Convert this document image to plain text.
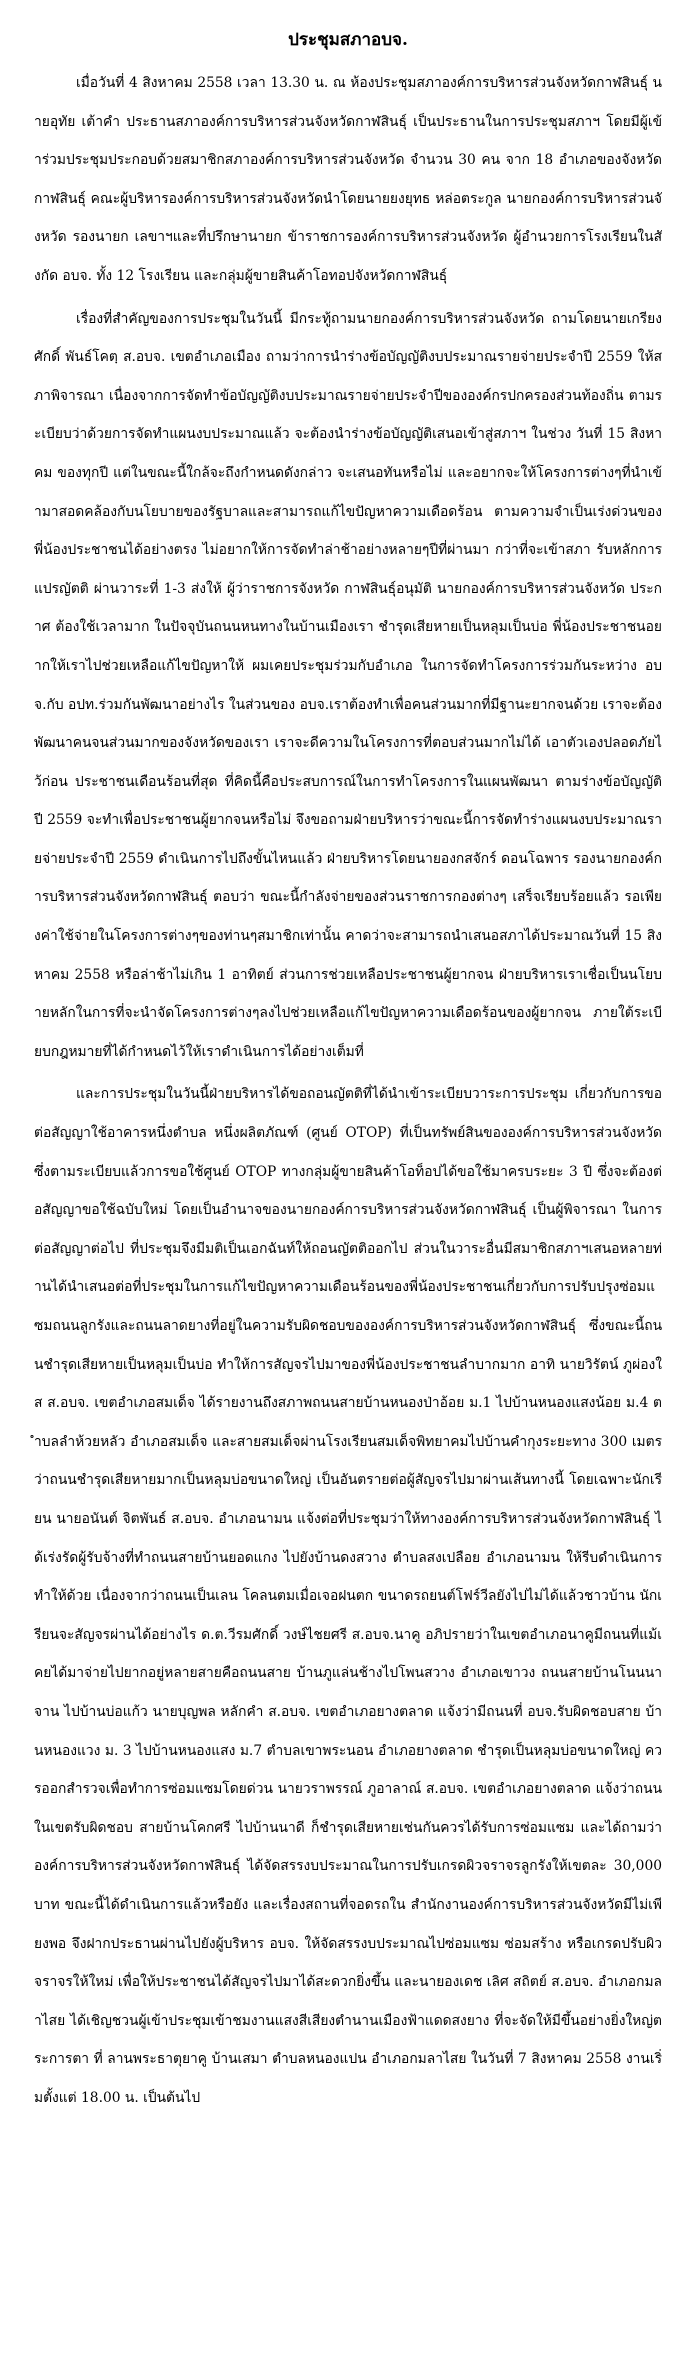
ประชุมสภาอบจ.

เมื่อวันที่ 4 สิงหาคม 2558 เวลา 13.30 น. ณ ห้องประชุมสภาองค์การบริหารส่วนจังหวัดกาฬสินธุ์ นายอุทัย เต้าคำ ประธานสภาองค์การบริหารส่วนจังหวัดกาฬสินธุ์ เป็นประธานในการประชุมสภาฯ โดยมีผู้เข้าร่วมประชุมประกอบด้วยสมาชิกสภาองค์การบริหารส่วนจังหวัด จำนวน 30 คน จาก 18 อำเภอของจังหวัดกาฬสินธุ์ คณะผู้บริหารองค์การบริหารส่วนจังหวัดนำโดยนายยงยุทธ หล่อตระกูล นายกองค์การบริหารส่วนจังหวัด รองนายก เลขาฯและที่ปรึกษานายก ข้าราชการองค์การบริหารส่วนจังหวัด ผู้อำนวยการโรงเรียนในสังกัด อบจ. ทั้ง 12 โรงเรียน และกลุ่มผู้ขายสินค้าโอทอปจังหวัดกาฬสินธุ์

เรื่องที่สำคัญของการประชุมในวันนี้ มีกระทู้ถามนายกองค์การบริหารส่วนจังหวัด ถามโดยนายเกรียงศักดิ์ พันธ์โคตฺ ส.อบจ. เขตอำเภอเมือง ถามว่าการนำร่างข้อบัญญัติงบประมาณรายจ่ายประจำปี 2559 ให้สภาพิจารณา เนื่องจากการจัดทำข้อบัญญัติงบประมาณรายจ่ายประจำปีขององค์กรปกครองส่วนท้องถิ่น ตามระเบียบว่าด้วยการจัดทำแผนงบประมาณแล้ว จะต้องนำร่างข้อบัญญัติเสนอเข้าสู่สภาฯ ในช่วง วันที่ 15 สิงหาคม ของทุกปี แต่ในขณะนี้ใกล้จะถึงกำหนดดังกล่าว จะเสนอทันหรือไม่ และอยากจะให้โครงการต่างๆที่นำเข้ามาสอดคล้องกับนโยบายของรัฐบาลและสามารถแก้ไขปัญหาความเดือดร้อน ตามความจำเป็นเร่งด่วนของพี่น้องประชาชนได้อย่างตรง ไม่อยากให้การจัดทำล่าช้าอย่างหลายๆปีที่ผ่านมา กว่าที่จะเข้าสภา รับหลักการ แปรญัตติ ผ่านวาระที่ 1-3 ส่งให้ ผู้ว่าราชการจังหวัด กาฬสินธุ์อนุมัติ นายกองค์การบริหารส่วนจังหวัด ประกาศ ต้องใช้เวลามาก ในปัจจุบันถนนหนทางในบ้านเมืองเรา ชำรุดเสียหายเป็นหลุมเป็นบ่อ พี่น้องประชาชนอยากให้เราไปช่วยเหลือแก้ไขปัญหาให้ ผมเคยประชุมร่วมกับอำเภอ ในการจัดทำโครงการร่วมกันระหว่าง อบจ.กับ อปท.ร่วมกันพัฒนาอย่างไร ในส่วนของ อบจ.เราต้องทำเพื่อคนส่วนมากที่มีฐานะยากจนด้วย เราจะต้องพัฒนาคนจนส่วนมากของจังหวัดของเรา เราจะดีความในโครงการที่ตอบส่วนมากไม่ได้ เอาตัวเองปลอดภัยไว้ก่อน ประชาชนเดือนร้อนที่สุด ที่คิดนี้คือประสบการณ์ในการทำโครงการในแผนพัฒนา ตามร่างข้อบัญญัติปี 2559 จะทำเพื่อประชาชนผู้ยากจนหรือไม่ จึงขอถามฝ่ายบริหารว่าขณะนี้การจัดทำร่างแผนงบประมาณรายจ่ายประจำปี 2559 ดำเนินการไปถึงขั้นไหนแล้ว ฝ่ายบริหารโดยนายองกสจักร์ ดอนโฉพาร รองนายกองค์การบริหารส่วนจังหวัดกาฬสินธุ์ ตอบว่า ขณะนี้กำลังจ่ายของส่วนราชการกองต่างๆ เสร็จเรียบร้อยแล้ว รอเพียงค่าใช้จ่ายในโครงการต่างๆของท่านๆสมาชิกเท่านั้น คาดว่าจะสามารถนำเสนอสภาได้ประมาณวันที่ 15 สิงหาคม 2558 หรือล่าช้าไม่เกิน 1 อาทิตย์ ส่วนการช่วยเหลือประชาชนผู้ยากจน ฝ่ายบริหารเราเชื่อเป็นนโยบายหลักในการที่จะนำจัดโครงการต่างๆลงไปช่วยเหลือแก้ไขปัญหาความเดือดร้อนของผู้ยากจน ภายใต้ระเบียบกฎหมายที่ได้กำหนดไว้ให้เราดำเนินการได้อย่างเต็มที่

และการประชุมในวันนี้ฝ่ายบริหารได้ขอถอนญัตติที่ได้นำเข้าระเบียบวาระการประชุม เกี่ยวกับการขอต่อสัญญาใช้อาคารหนึ่งตำบล หนึ่งผลิตภัณฑ์ (ศูนย์ OTOP) ที่เป็นทรัพย์สินขององค์การบริหารส่วนจังหวัด ซึ่งตามระเบียบแล้วการขอใช้ศูนย์ OTOP ทางกลุ่มผู้ขายสินค้าโอท็อปได้ขอใช้มาครบระยะ 3 ปี ซึ่งจะต้องต่อสัญญาขอใช้ฉบับใหม่ โดยเป็นอำนาจของนายกองค์การบริหารส่วนจังหวัดกาฬสินธุ์ เป็นผู้พิจารณา ในการต่อสัญญาต่อไป ที่ประชุมจึงมีมติเป็นเอกฉันท์ให้ถอนญัตติออกไป ส่วนในวาระอื่นมีสมาชิกสภาฯเสนอหลายท่านได้นำเสนอต่อที่ประชุมในการแก้ไขปัญหาความเดือนร้อนของพี่น้องประชาชนเกี่ยวกับการปรับปรุงซ่อมแซมถนนลูกรังและถนนลาดยางที่อยู่ในความรับผิดชอบขององค์การบริหารส่วนจังหวัดกาฬสินธุ์ ซึ่งขณะนี้ถนนชำรุดเสียหายเป็นหลุมเป็นบ่อ ทำให้การสัญจรไปมาของพี่น้องประชาชนลำบากมาก อาทิ นายวิรัตน์ ภูผ่องใส ส.อบจ. เขตอำเภอสมเด็จ ได้รายงานถึงสภาพถนนสายบ้านหนองป่าอ้อย ม.1 ไปบ้านหนองแสงน้อย ม.4 ตำบลลำห้วยหลัว อำเภอสมเด็จ และสายสมเด็จผ่านโรงเรียนสมเด็จพิทยาคมไปบ้านคำกุงระยะทาง 300 เมตร ว่าถนนชำรุดเสียหายมากเป็นหลุมบ่อขนาดใหญ่ เป็นอันตรายต่อผู้สัญจรไปมาผ่านเส้นทางนี้ โดยเฉพาะนักเรียน นายอนันต์ จิตพันธ์ ส.อบจ. อำเภอนามน แจ้งต่อที่ประชุมว่าให้ทางองค์การบริหารส่วนจังหวัดกาฬสินธุ์ ได้เร่งรัดผู้รับจ้างที่ทำถนนสายบ้านยอดแกง ไปยังบ้านดงสวาง ตำบลสงเปลือย อำเภอนามน ให้รีบดำเนินการทำให้ด้วย เนื่องจากว่าถนนเป็นเลน โคลนตมเมื่อเจอฝนตก ขนาดรถยนต์โฟร์วีลยังไปไม่ได้แล้วชาวบ้าน นักเรียนจะสัญจรผ่านได้อย่างไร ด.ต.วีรมศักดิ์ วงษ์ไชยศรี ส.อบจ.นาคู อภิปรายว่าในเขตอำเภอนาคูมีถนนที่แม้เคยได้มาจ่ายไปยากอยู่หลายสายคือถนนสาย บ้านภูแล่นช้างไปโพนสวาง อำเภอเขาวง ถนนสายบ้านโนนนาจาน ไปบ้านบ่อแก้ว นายบุญพล หลักคำ ส.อบจ. เขตอำเภอยางตลาด แจ้งว่ามีถนนที่ อบจ.รับผิดชอบสาย บ้านหนองแวง ม. 3 ไปบ้านหนองแสง ม.7 ตำบลเขาพระนอน อำเภอยางตลาด ชำรุดเป็นหลุมบ่อขนาดใหญ่ ควรออกสำรวจเพื่อทำการซ่อมแซมโดยด่วน นายวราพรรณ์ ภูอาลาณ์ ส.อบจ. เขตอำเภอยางตลาด แจ้งว่าถนนในเขตรับผิดชอบ สายบ้านโคกศรี ไปบ้านนาดี ก็ชำรุดเสียหายเช่นกันควรได้รับการซ่อมแซม และได้ถามว่า องค์การบริหารส่วนจังหวัดกาฬสินธุ์ ได้จัดสรรงบประมาณในการปรับเกรดผิวจราจรลูกรังให้เขตละ 30,000 บาท ขณะนี้ได้ดำเนินการแล้วหรือยัง และเรื่องสถานที่จอดรถใน สำนักงานองค์การบริหารส่วนจังหวัดมีไม่เพียงพอ จึงฝากประธานผ่านไปยังผู้บริหาร อบจ. ให้จัดสรรงบประมาณไปซ่อมแซม ซ่อมสร้าง หรือเกรดปรับผิวจราจรให้ใหม่ เพื่อให้ประชาชนได้สัญจรไปมาได้สะดวกยิ่งขึ้น และนายองเดช เลิศ สถิตย์ ส.อบจ. อำเภอกมลาไสย ได้เชิญชวนผู้เข้าประชุมเข้าชมงานแสงสีเสียงตำนานเมืองฟ้าแดดสงยาง ที่จะจัดให้มีขึ้นอย่างยิ่งใหญ่ตระการตา ที่ ลานพระธาตุยาคู บ้านเสมา ตำบลหนองแปน อำเภอกมลาไสย ในวันที่ 7 สิงหาคม 2558 งานเริ่มตั้งแต่ 18.00 น. เป็นต้นไป
